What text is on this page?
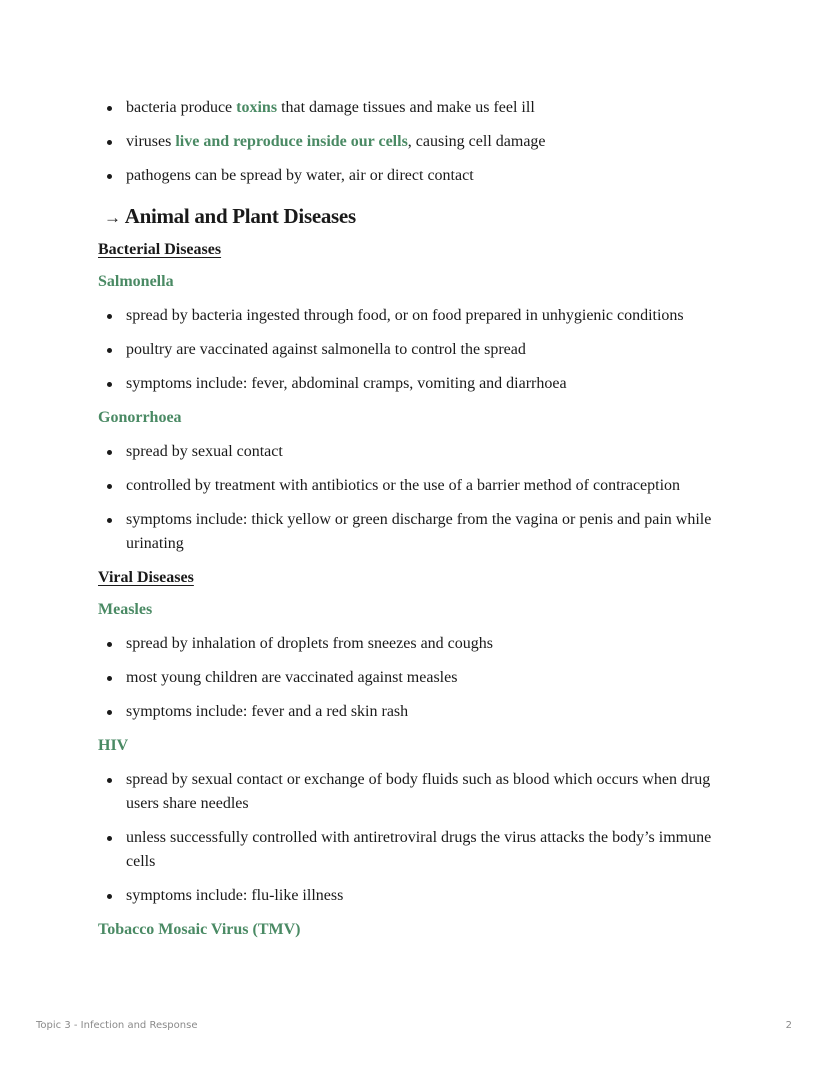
bacteria produce toxins that damage tissues and make us feel ill
viruses live and reproduce inside our cells, causing cell damage
pathogens can be spread by water, air or direct contact
→ Animal and Plant Diseases
Bacterial Diseases
Salmonella
spread by bacteria ingested through food, or on food prepared in unhygienic conditions
poultry are vaccinated against salmonella to control the spread
symptoms include: fever, abdominal cramps, vomiting and diarrhoea
Gonorrhoea
spread by sexual contact
controlled by treatment with antibiotics or the use of a barrier method of contraception
symptoms include: thick yellow or green discharge from the vagina or penis and pain while urinating
Viral Diseases
Measles
spread by inhalation of droplets from sneezes and coughs
most young children are vaccinated against measles
symptoms include: fever and a red skin rash
HIV
spread by sexual contact or exchange of body fluids such as blood which occurs when drug users share needles
unless successfully controlled with antiretroviral drugs the virus attacks the body’s immune cells
symptoms include: flu-like illness
Tobacco Mosaic Virus (TMV)
Topic 3 - Infection and Response	2
